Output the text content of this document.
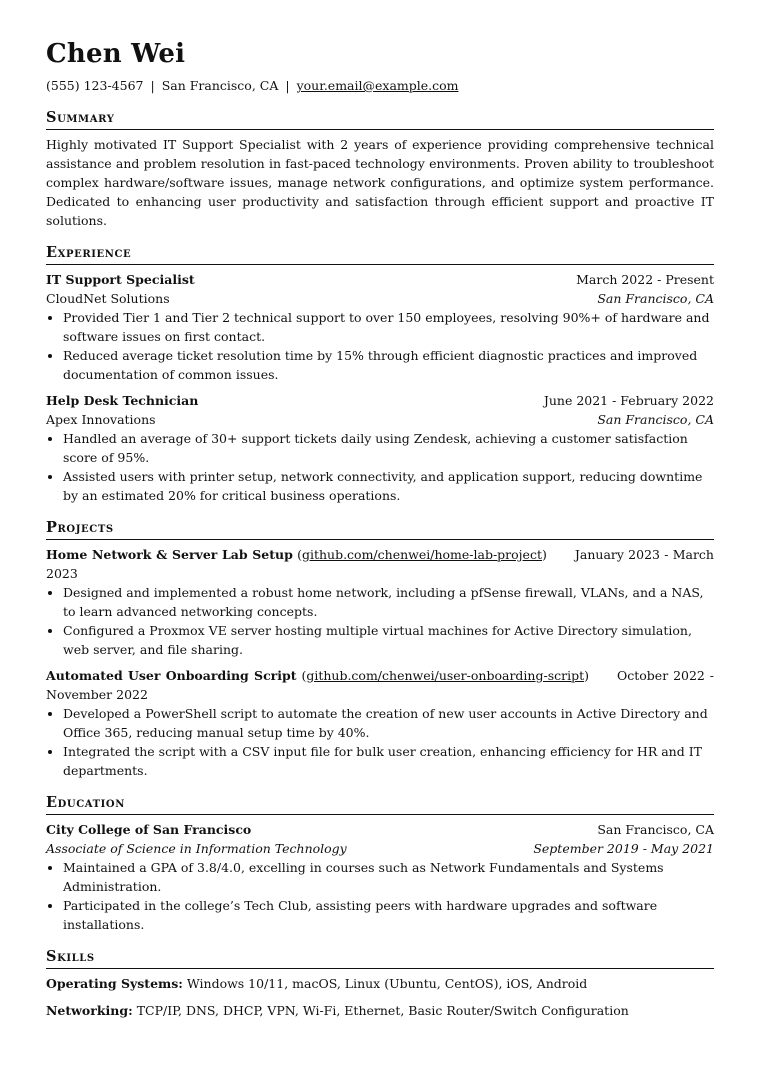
Chen Wei
(555) 123-4567 | San Francisco, CA | your.email@example.com
Summary
Highly motivated IT Support Specialist with 2 years of experience providing comprehensive technical assistance and problem resolution in fast-paced technology environments. Proven ability to troubleshoot complex hardware/software issues, manage network configurations, and optimize system performance. Dedicated to enhancing user productivity and satisfaction through efficient support and proactive IT solutions.
Experience
IT Support Specialist	March 2022 - Present
CloudNet Solutions	San Francisco, CA
• Provided Tier 1 and Tier 2 technical support to over 150 employees, resolving 90%+ of hardware and software issues on first contact.
• Reduced average ticket resolution time by 15% through efficient diagnostic practices and improved documentation of common issues.
Help Desk Technician	June 2021 - February 2022
Apex Innovations	San Francisco, CA
• Handled an average of 30+ support tickets daily using Zendesk, achieving a customer satisfaction score of 95%.
• Assisted users with printer setup, network connectivity, and application support, reducing downtime by an estimated 20% for critical business operations.
Projects
Home Network & Server Lab Setup (github.com/chenwei/home-lab-project) January 2023 - March 2023
• Designed and implemented a robust home network, including a pfSense firewall, VLANs, and a NAS, to learn advanced networking concepts.
• Configured a Proxmox VE server hosting multiple virtual machines for Active Directory simulation, web server, and file sharing.
Automated User Onboarding Script (github.com/chenwei/user-onboarding-script) October 2022 - November 2022
• Developed a PowerShell script to automate the creation of new user accounts in Active Directory and Office 365, reducing manual setup time by 40%.
• Integrated the script with a CSV input file for bulk user creation, enhancing efficiency for HR and IT departments.
Education
City College of San Francisco	San Francisco, CA
Associate of Science in Information Technology	September 2019 - May 2021
• Maintained a GPA of 3.8/4.0, excelling in courses such as Network Fundamentals and Systems Administration.
• Participated in the college’s Tech Club, assisting peers with hardware upgrades and software installations.
Skills
Operating Systems: Windows 10/11, macOS, Linux (Ubuntu, CentOS), iOS, Android
Networking: TCP/IP, DNS, DHCP, VPN, Wi-Fi, Ethernet, Basic Router/Switch Configuration
